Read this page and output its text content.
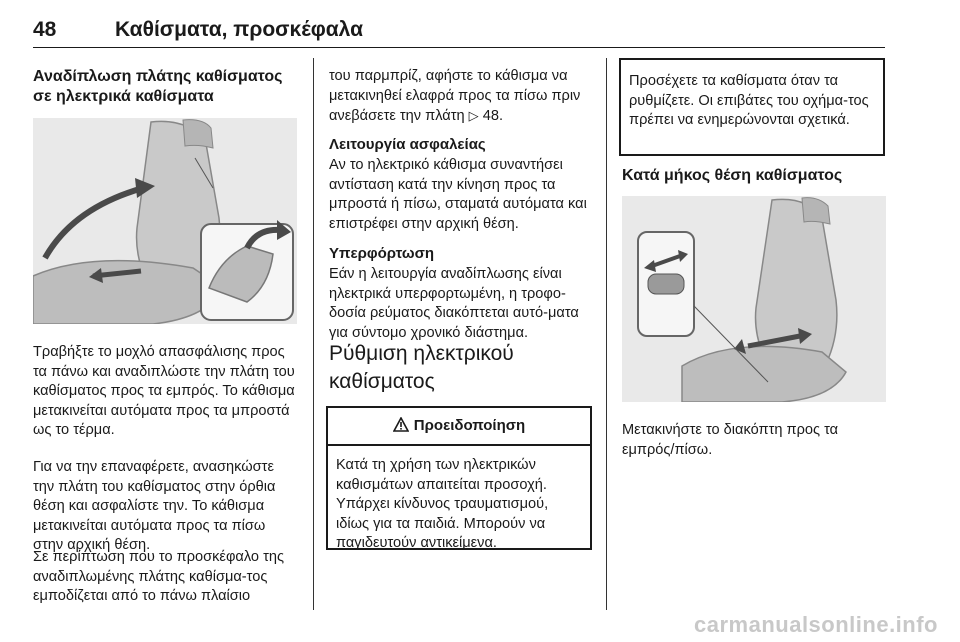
48	Καθίσματα, προσκέφαλα
Αναδίπλωση πλάτης καθίσματος σε ηλεκτρικά καθίσματα

Τραβήξτε το μοχλό απασφάλισης προς τα πάνω και αναδιπλώστε την πλάτη του καθίσματος προς τα εμπρός. Το κάθισμα μετακινείται αυτόματα προς τα μπροστά ως το τέρμα.

Για να την επαναφέρετε, ανασηκώστε την πλάτη του καθίσματος στην όρθια θέση και ασφαλίστε την. Το κάθισμα μετακινείται αυτόματα προς τα πίσω στην αρχική θέση.

Σε περίπτωση που το προσκέφαλο της αναδιπλωμένης πλάτης καθίσμα-τος εμποδίζεται από το πάνω πλαίσιο

του παρμπρίζ, αφήστε το κάθισμα να μετακινηθεί ελαφρά προς τα πίσω πριν ανεβάσετε την πλάτη ▷ 48.

Λειτουργία ασφαλείας

Αν το ηλεκτρικό κάθισμα συναντήσει αντίσταση κατά την κίνηση προς τα μπροστά ή πίσω, σταματά αυτόματα και επιστρέφει στην αρχική θέση.

Υπερφόρτωση

Εάν η λειτουργία αναδίπλωσης είναι ηλεκτρικά υπερφορτωμένη, η τροφο-δοσία ρεύματος διακόπτεται αυτό-ματα για σύντομο χρονικό διάστημα.

Ρύθμιση ηλεκτρικού καθίσματος
Προειδοποίηση

Κατά τη χρήση των ηλεκτρικών καθισμάτων απαιτείται προσοχή. Υπάρχει κίνδυνος τραυματισμού, ιδίως για τα παιδιά. Μπορούν να παγιδευτούν αντικείμενα.

Προσέχετε τα καθίσματα όταν τα ρυθμίζετε. Οι επιβάτες του οχήμα-τος πρέπει να ενημερώνονται σχετικά.

Κατά μήκος θέση καθίσματος

Μετακινήστε το διακόπτη προς τα εμπρός/πίσω.

carmanualsonline.info
